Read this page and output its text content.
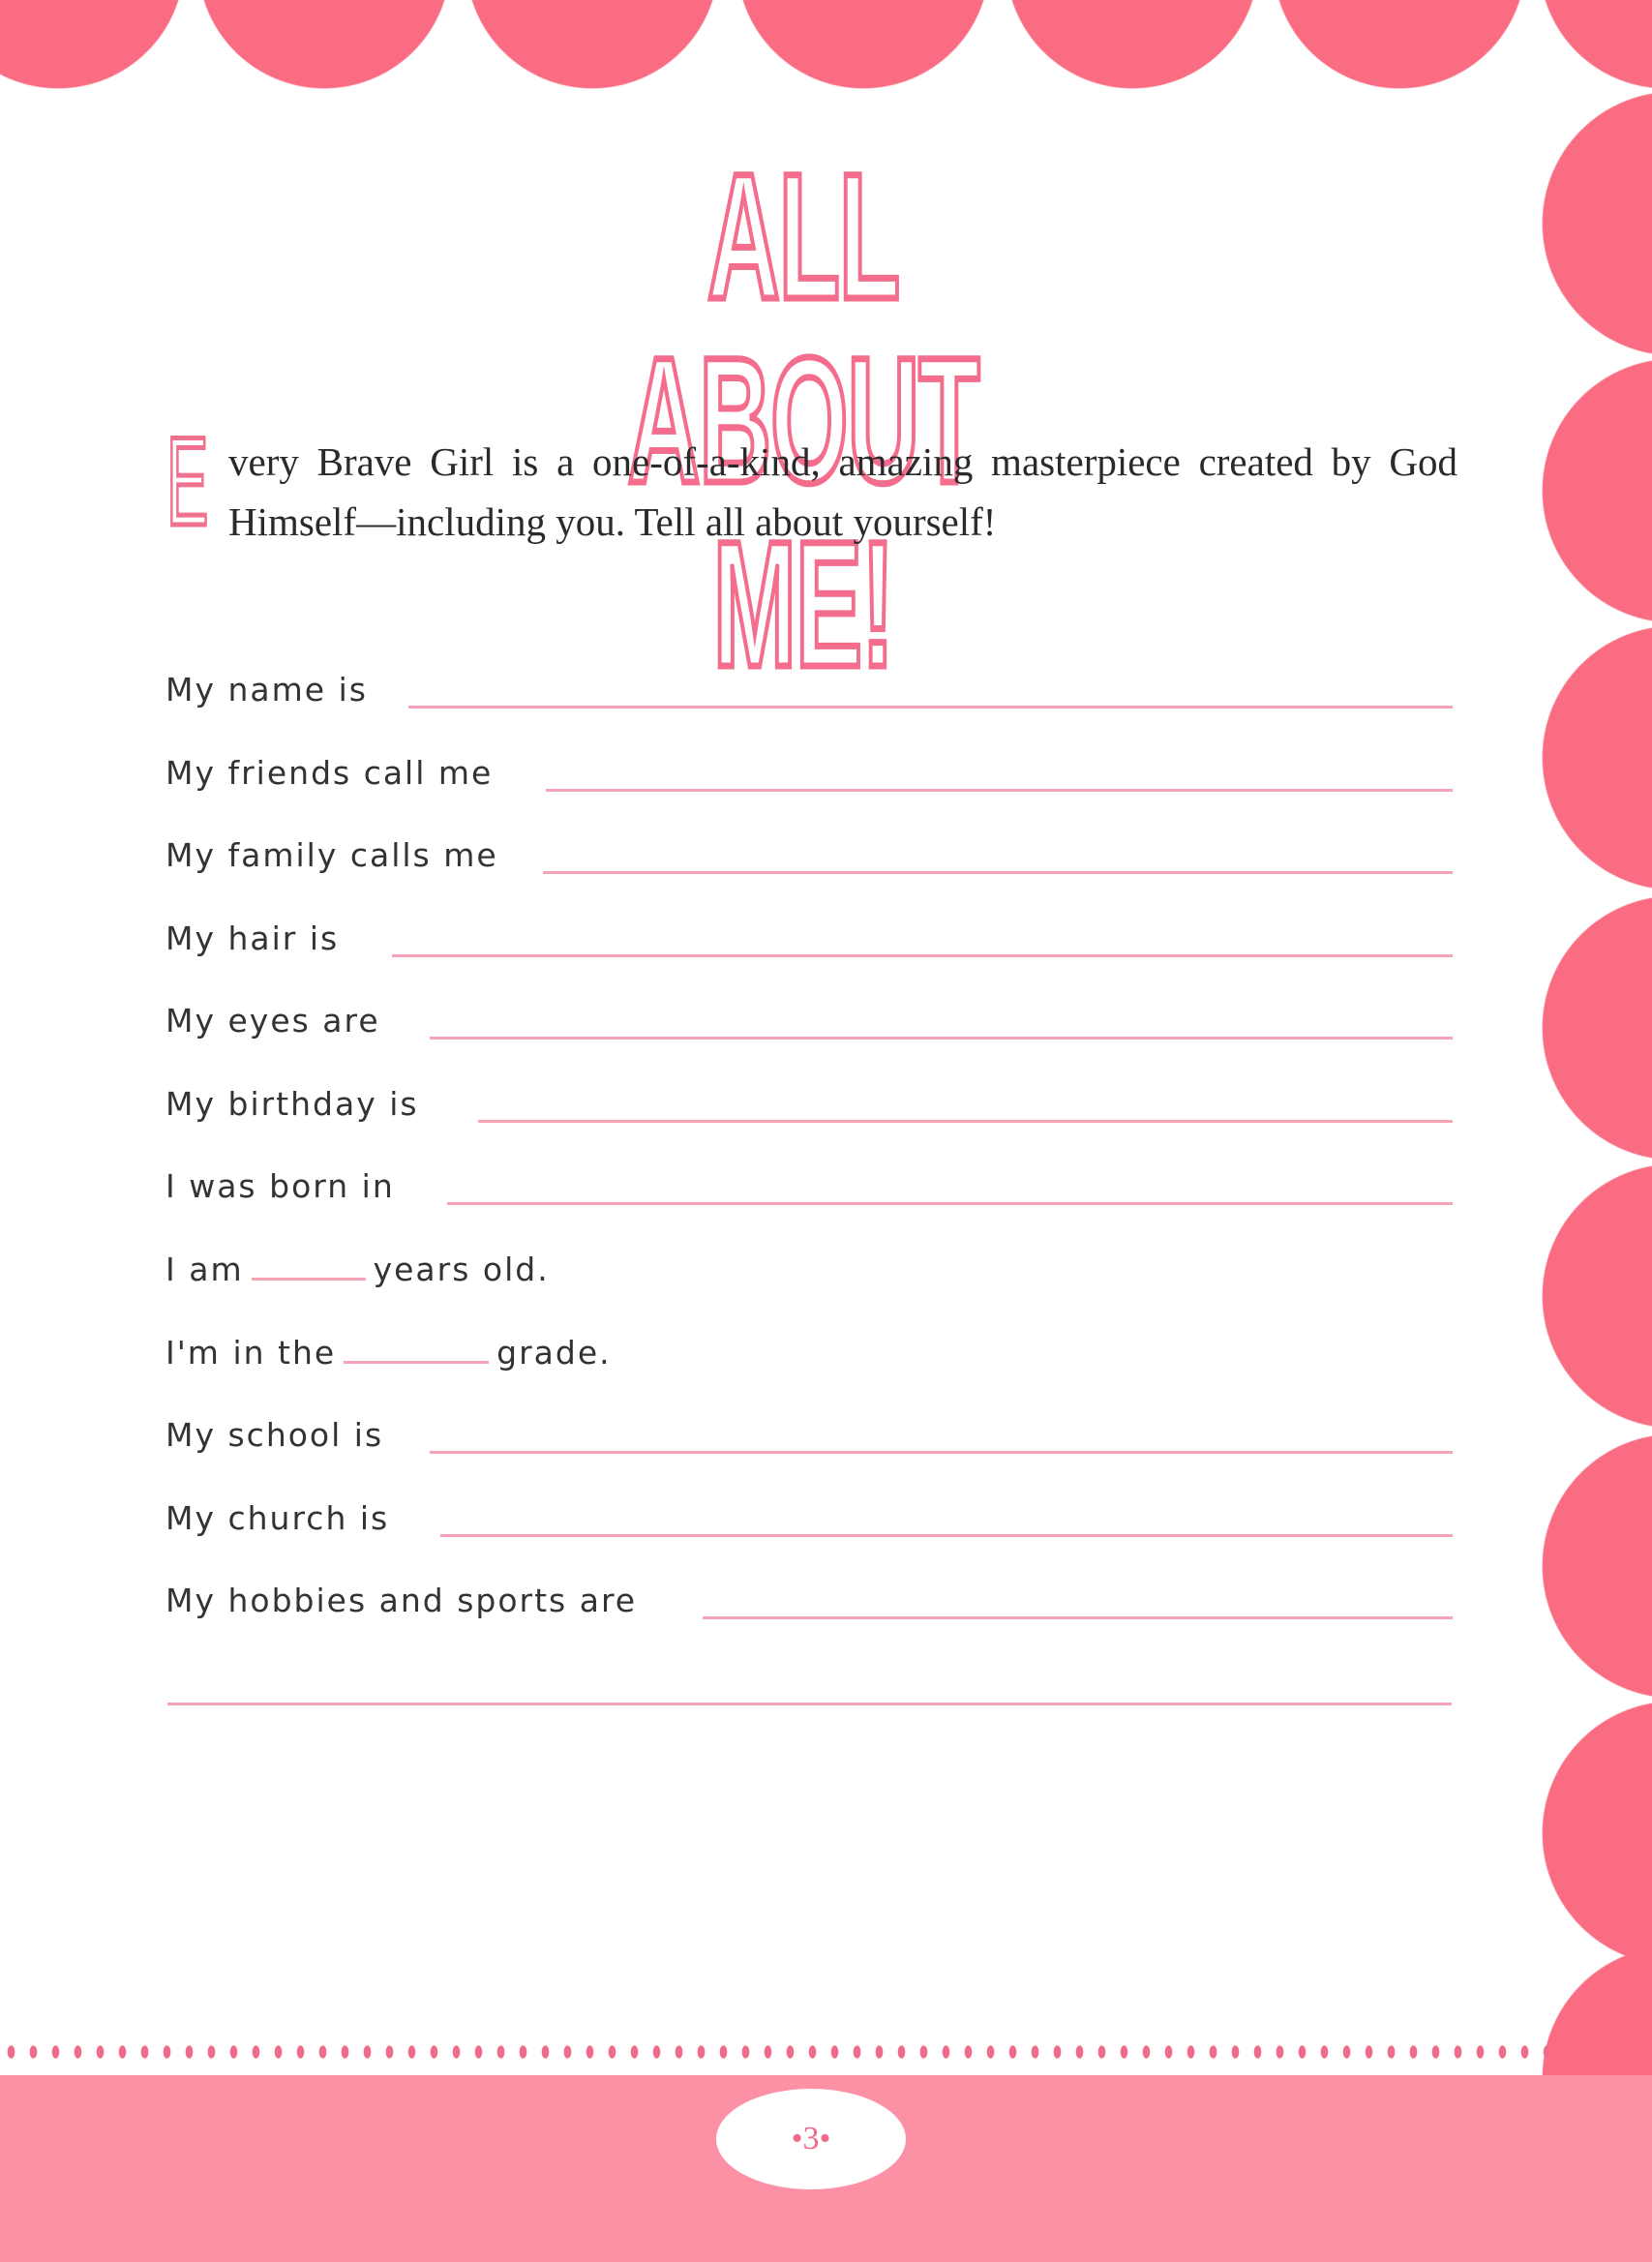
ALL ABOUT ME!
E very Brave Girl is a one-of-a-kind, amazing masterpiece created by God Himself—including you. Tell all about yourself!
My name is
My friends call me
My family calls me
My hair is
My eyes are
My birthday is
I was born in
I am	years old.
I'm in the	grade.
My school is
My church is
My hobbies and sports are
•3•
